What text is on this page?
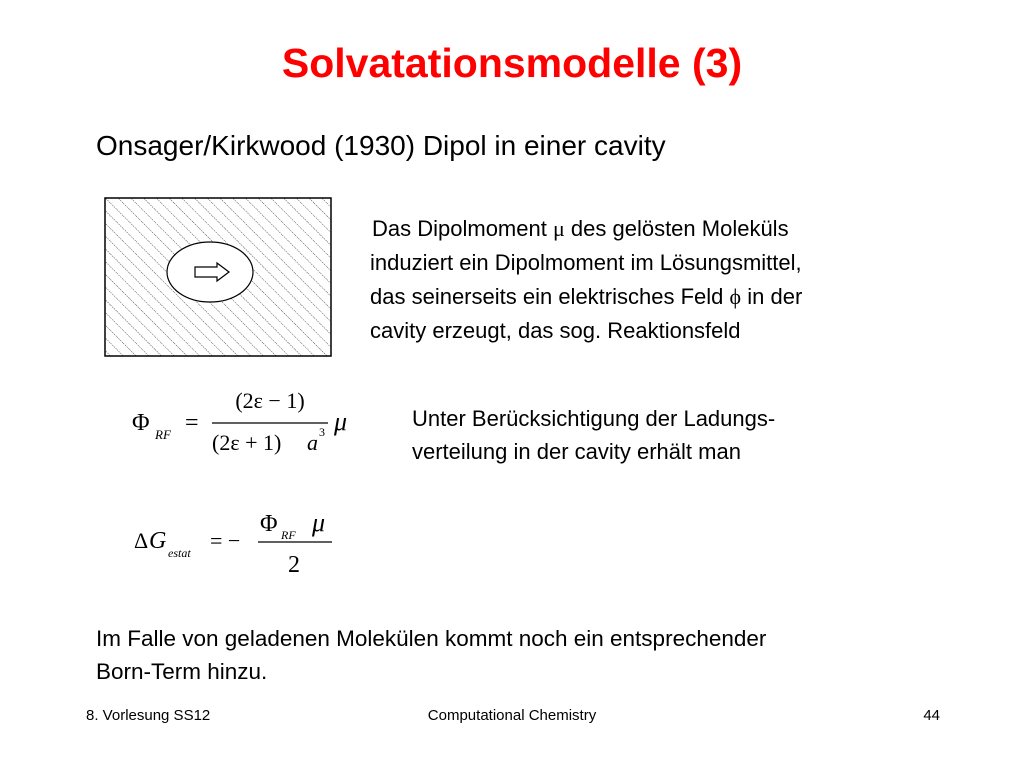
Solvatationsmodelle (3)
Onsager/Kirkwood (1930) Dipol in einer cavity
Das Dipolmoment μ des gelösten Moleküls
induziert ein Dipolmoment im Lösungsmittel,
das seinerseits ein elektrisches Feld ϕ in der
cavity erzeugt, das sog. Reaktionsfeld
Φ RF =
(2ε − 1)
(2ε + 1) a 3 μ	Unter Berücksichtigung der Ladungs-
verteilung in der cavity erhält man
Δ G estat = −
Φ RF μ
2
Im Falle von geladenen Molekülen kommt noch ein entsprechender
Born-Term hinzu.
8. Vorlesung SS12	Computational Chemistry	44
